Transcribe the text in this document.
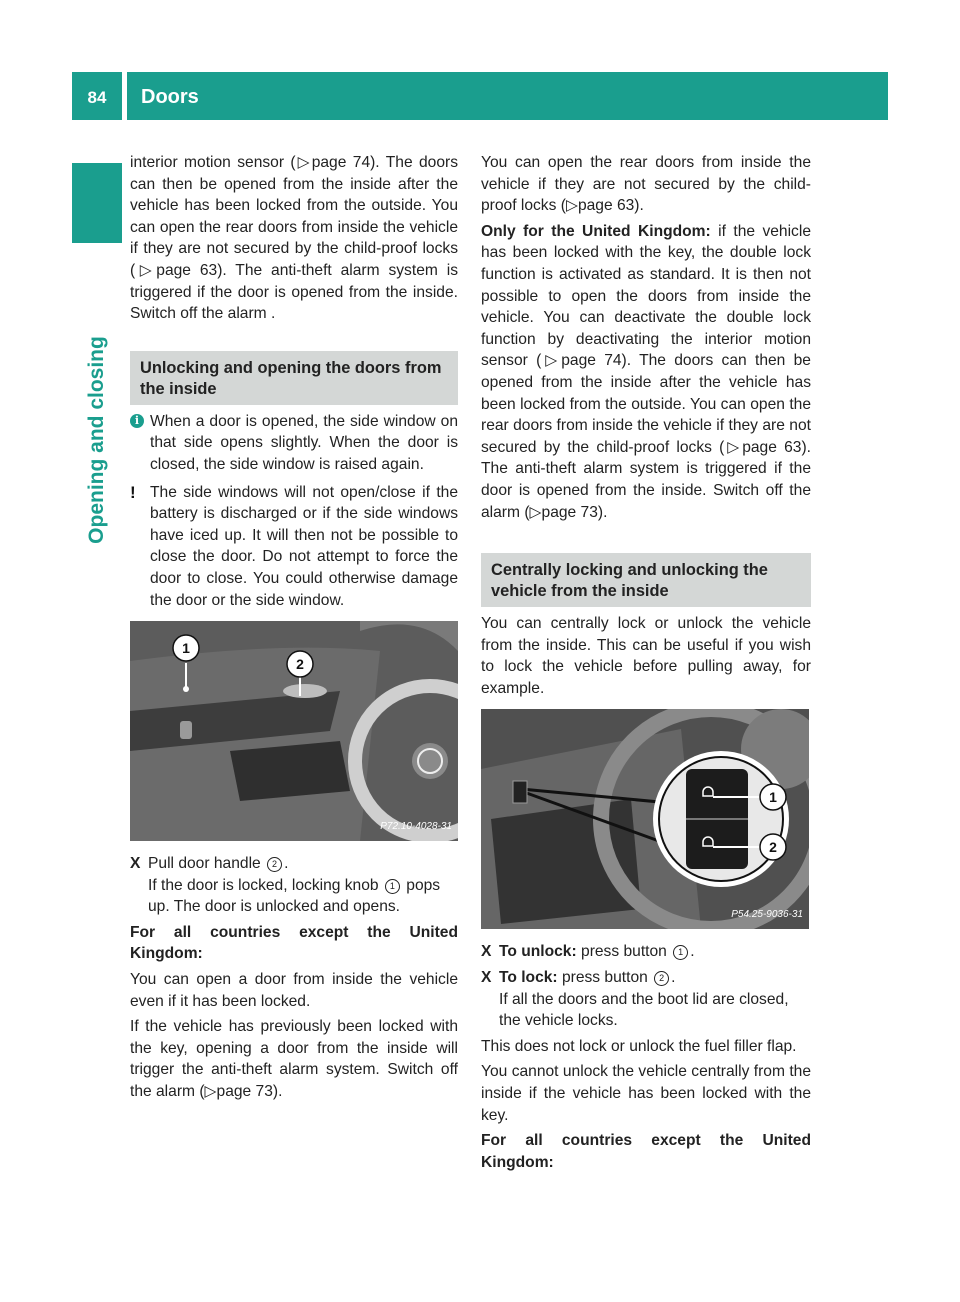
84	Doors
Opening and closing

interior motion sensor (▷page 74). The doors can then be opened from the inside after the vehicle has been locked from the outside. You can open the rear doors from inside the vehicle if they are not secured by the child-proof locks (▷page 63). The anti-theft alarm system is triggered if the door is opened from the inside. Switch off the alarm .

Unlocking and opening the doors from the inside
i When a door is opened, the side window on that side opens slightly. When the door is closed, the side window is raised again.
! The side windows will not open/close if the battery is discharged or if the side windows have iced up. It will then not be possible to close the door. Do not attempt to force the door to close. You could otherwise damage the door or the side window.
1
2
P72.10-4028-31
X Pull door handle 2 .
If the door is locked, locking knob 1 pops up. The door is unlocked and opens.

For all countries except the United Kingdom:

You can open a door from inside the vehicle even if it has been locked.

If the vehicle has previously been locked with the key, opening a door from the inside will trigger the anti-theft alarm system. Switch off the alarm (▷page 73).

You can open the rear doors from inside the vehicle if they are not secured by the child-proof locks (▷page 63).

Only for the United Kingdom: if the vehicle has been locked with the key, the double lock function is activated as standard. It is then not possible to open the doors from inside the vehicle. You can deactivate the double lock function by deactivating the interior motion sensor (▷page 74). The doors can then be opened from the inside after the vehicle has been locked from the outside. You can open the rear doors from inside the vehicle if they are not secured by the child-proof locks (▷page 63). The anti-theft alarm system is triggered if the door is opened from the inside. Switch off the alarm (▷page 73).

Centrally locking and unlocking the vehicle from the inside

You can centrally lock or unlock the vehicle from the inside. This can be useful if you wish to lock the vehicle before pulling away, for example.

1
2
P54.25-9036-31
X To unlock: press button 1 .
X To lock: press button 2 .
If all the doors and the boot lid are closed, the vehicle locks.

This does not lock or unlock the fuel filler flap.

You cannot unlock the vehicle centrally from the inside if the vehicle has been locked with the key.

For all countries except the United Kingdom:
